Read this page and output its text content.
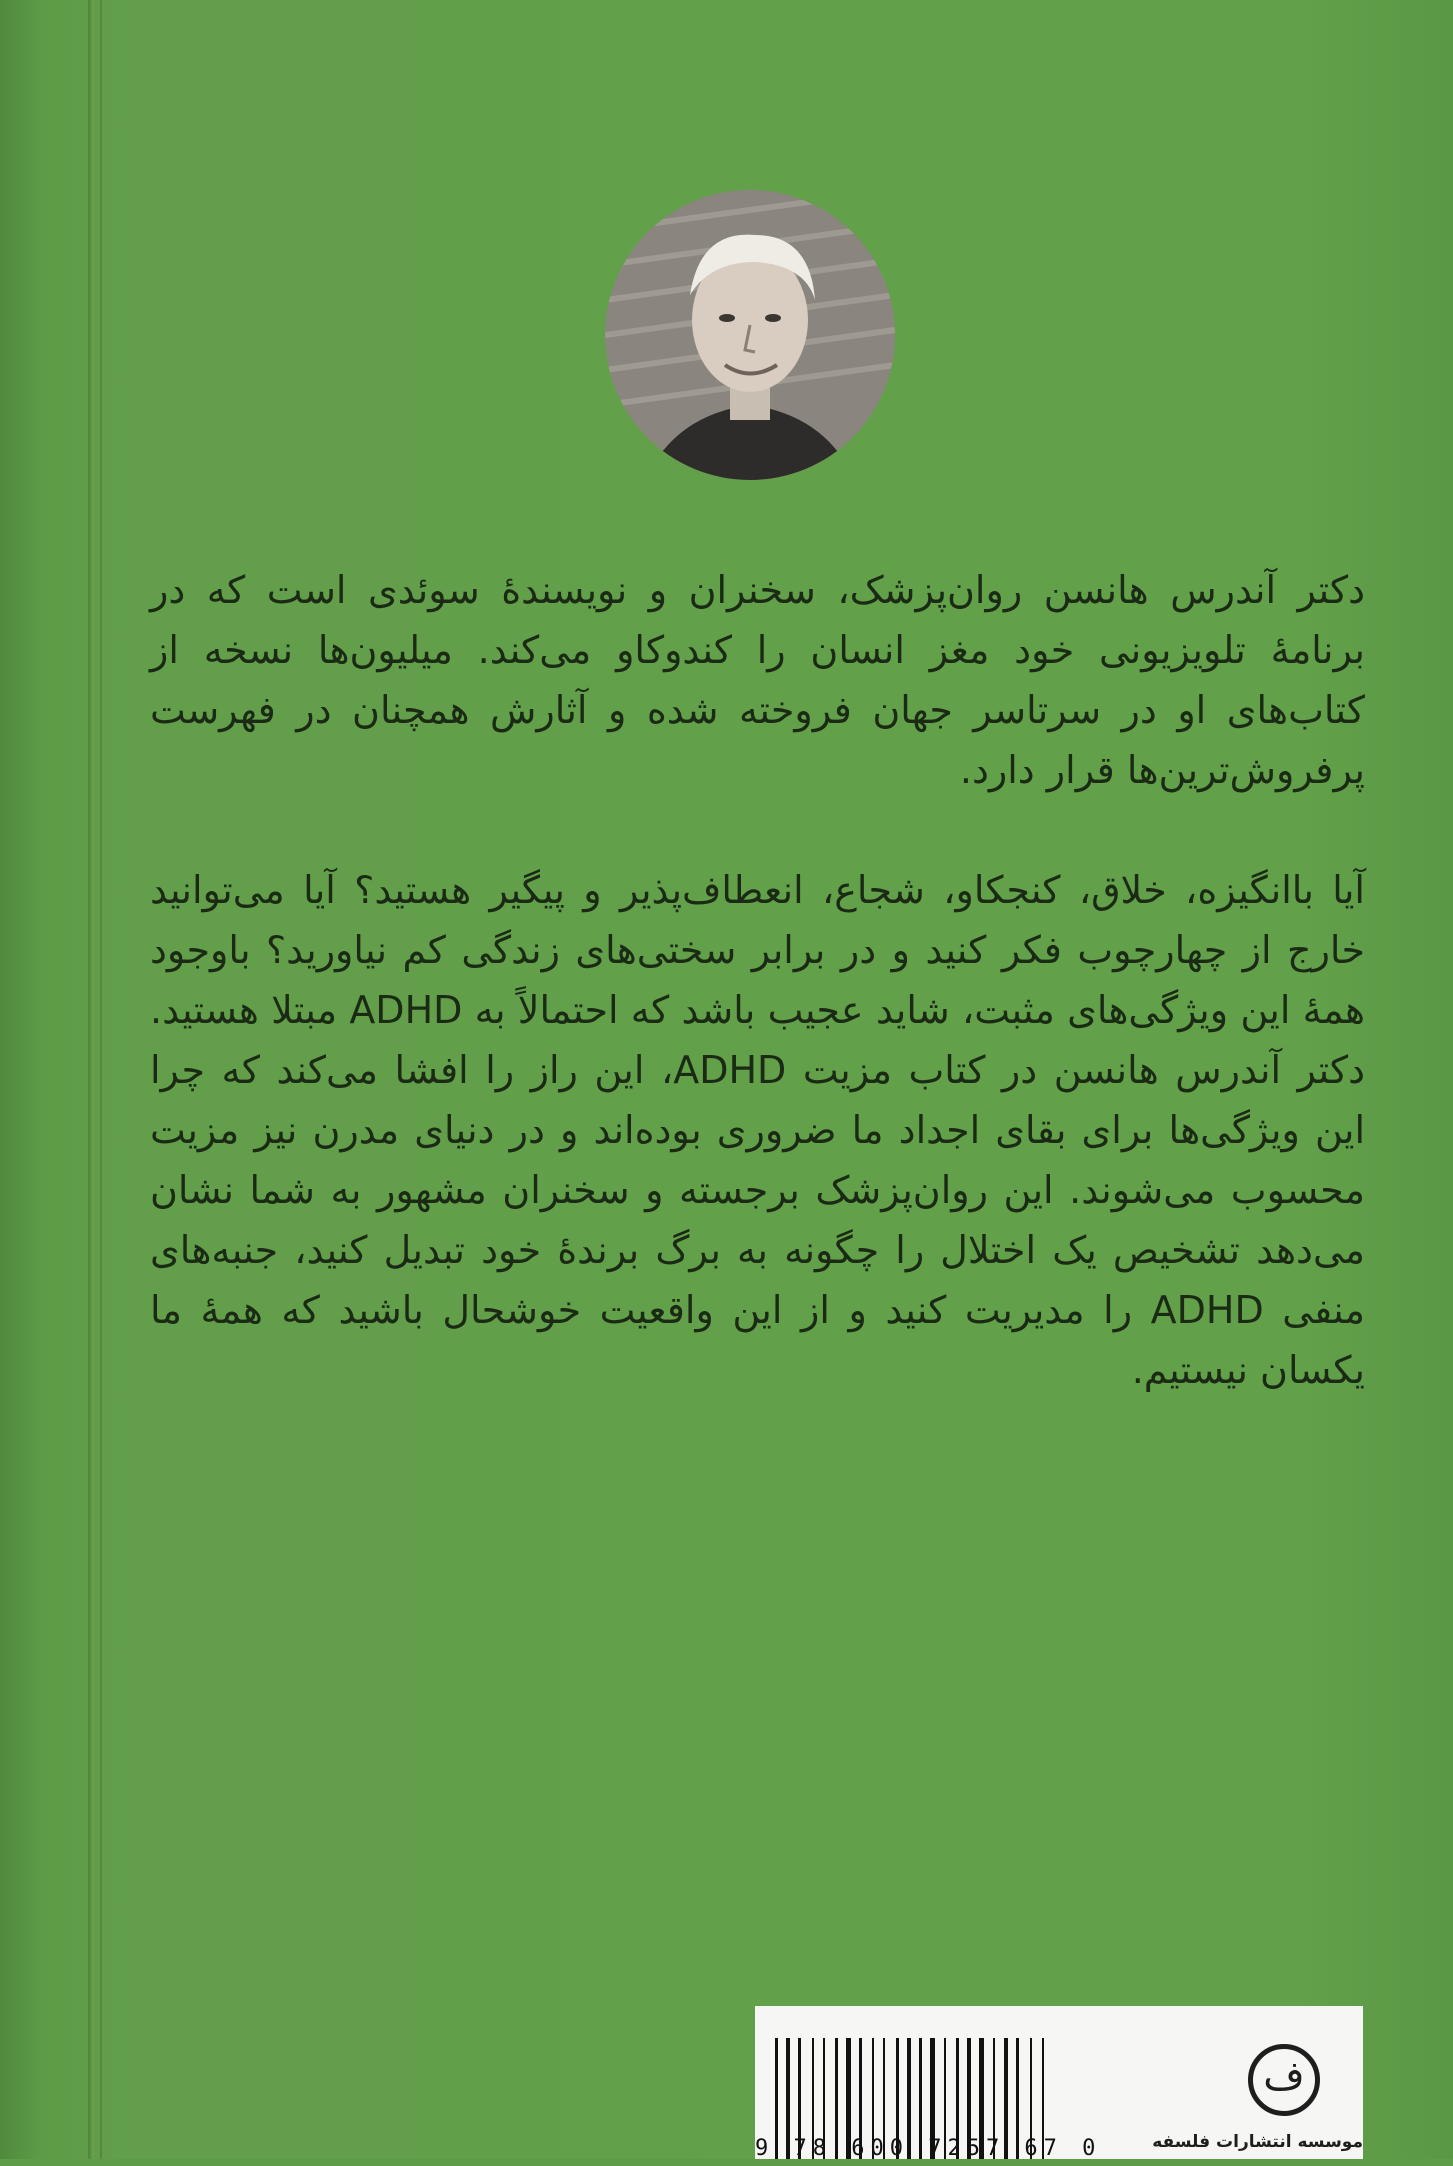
دکتر آندرس هانسن روان‌پزشک، سخنران و نویسندهٔ سوئدی است که در برنامهٔ تلویزیونی خود مغز انسان را کندوکاو می‌کند. میلیون‌ها نسخه از کتاب‌های او در سرتاسر جهان فروخته شده و آثارش همچنان در فهرست پرفروش‌ترین‌ها قرار دارد.
آیا باانگیزه، خلاق، کنجکاو، شجاع، انعطاف‌پذیر و پیگیر هستید؟ آیا می‌توانید خارج از چهارچوب فکر کنید و در برابر سختی‌های زندگی کم نیاورید؟ باوجود همهٔ این ویژگی‌های مثبت، شاید عجیب باشد که احتمالاً به ADHD مبتلا هستید. دکتر آندرس هانسن در کتاب مزیت ADHD، این راز را افشا می‌کند که چرا این ویژگی‌ها برای بقای اجداد ما ضروری بوده‌اند و در دنیای مدرن نیز مزیت محسوب می‌شوند. این روان‌پزشک برجسته و سخنران مشهور به شما نشان می‌دهد تشخیص یک اختلال را چگونه به برگ برندهٔ خود تبدیل کنید، جنبه‌های منفی ADHD را مدیریت کنید و از این واقعیت خوشحال باشید که همهٔ ما یکسان نیستیم.
9 78 600 7257 67 0
ف
موسسه انتشارات فلسفه
